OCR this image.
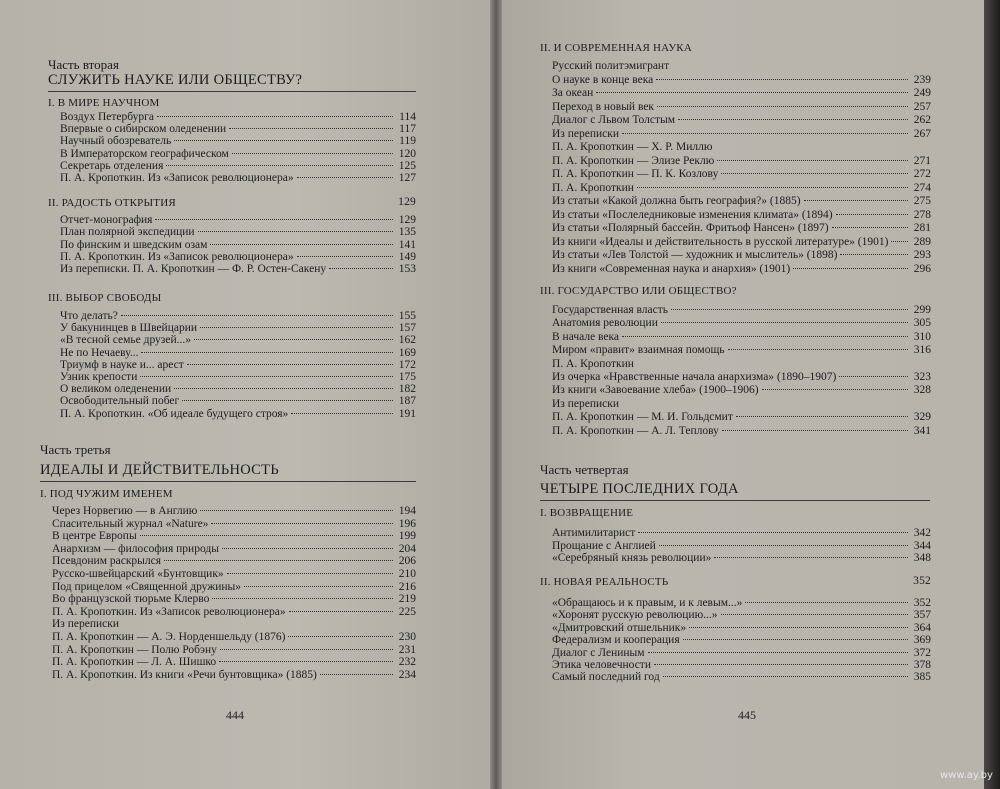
Часть вторая
СЛУЖИТЬ НАУКЕ ИЛИ ОБЩЕСТВУ?
I. В МИРЕ НАУЧНОМ
Воздух Петербурга	114
Впервые о сибирском оледенении	117
Научный обозреватель	119
В Императорском географическом	120
Секретарь отделения	125
П. А. Кропоткин. Из «Записок революционера»	127
II. РАДОСТЬ ОТКРЫТИЯ	129
Отчет-монография	129
План полярной экспедиции	135
По финским и шведским озам	141
П. А. Кропоткин. Из «Записок революционера»	149
Из переписки. П. А. Кропоткин — Ф. Р. Остен-Сакену	153
III. ВЫБОР СВОБОДЫ
Что делать?	155
У бакунинцев в Швейцарии	157
«В тесной семье друзей...»	162
Не по Нечаеву...	169
Триумф в науке и... арест	172
Узник крепости	175
О великом оледенении	182
Освободительный побег	187
П. А. Кропоткин. «Об идеале будущего строя»	191
Часть третья
ИДЕАЛЫ И ДЕЙСТВИТЕЛЬНОСТЬ
I. ПОД ЧУЖИМ ИМЕНЕМ
Через Норвегию — в Англию	194
Спасительный журнал «Nature»	196
В центре Европы	199
Анархизм — философия природы	204
Псевдоним раскрылся	206
Русско-швейцарский «Бунтовщик»	210
Под прицелом «Священной дружины»	216
Во французской тюрьме Клерво	219
П. А. Кропоткин. Из «Записок революционера»	225
Из переписки
П. А. Кропоткин — А. Э. Норденшельду (1876)	230
П. А. Кропоткин — Полю Робэну	231
П. А. Кропоткин — Л. А. Шишко	232
П. А. Кропоткин. Из книги «Речи бунтовщика» (1885)	234
444
II. И СОВРЕМЕННАЯ НАУКА
Русский политэмигрант
О науке в конце века	239
За океан	249
Переход в новый век	257
Диалог с Львом Толстым	262
Из переписки	267
П. А. Кропоткин — Х. Р. Миллю
П. А. Кропоткин — Элизе Реклю	271
П. А. Кропоткин — П. К. Козлову	272
П. А. Кропоткин	274
Из статьи «Какой должна быть география?» (1885)	275
Из статьи «Послеледниковые изменения климата» (1894)	278
Из статьи «Полярный бассейн. Фритьоф Нансен» (1897)	281
Из книги «Идеалы и действительность в русской литературе» (1901) 289
Из статьи «Лев Толстой — художник и мыслитель» (1898)	293
Из книги «Современная наука и анархия» (1901)	296
III. ГОСУДАРСТВО ИЛИ ОБЩЕСТВО?
Государственная власть	299
Анатомия революции	305
В начале века	310
Миром «правит» взаимная помощь	316
П. А. Кропоткин
Из очерка «Нравственные начала анархизма» (1890–1907)	323
Из книги «Завоевание хлеба» (1900–1906)	328
Из переписки
П. А. Кропоткин — М. И. Гольдсмит	329
П. А. Кропоткин — А. Л. Теплову	341
Часть четвертая
ЧЕТЫРЕ ПОСЛЕДНИХ ГОДА
I. ВОЗВРАЩЕНИЕ
Антимилитарист	342
Прощание с Англией	344
«Серебряный князь революции»	348
II. НОВАЯ РЕАЛЬНОСТЬ	352
«Обращаюсь и к правым, и к левым...»	352
«Хоронят русскую революцию...»	357
«Дмитровский отшельник»	364
Федерализм и кооперация	369
Диалог с Лениным	372
Этика человечности	378
Самый последний год	385
445
www.ay.by
